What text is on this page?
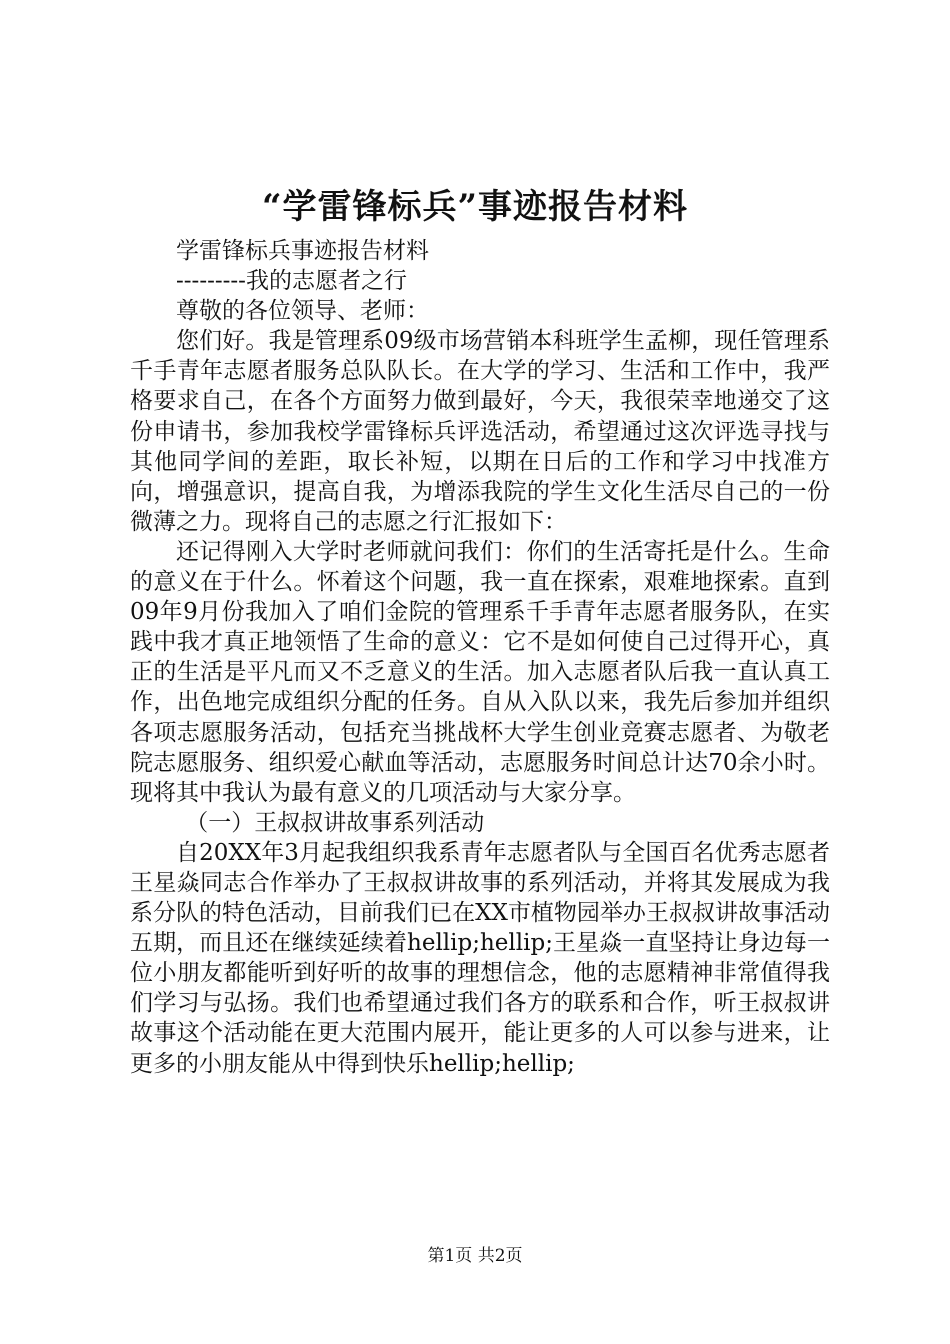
“学雷锋标兵”事迹报告材料

学雷锋标兵事迹报告材料

---------我的志愿者之行

尊敬的各位领导、老师：

您们好。我是管理系09级市场营销本科班学生孟柳，现任管理系千手青年志愿者服务总队队长。在大学的学习、生活和工作中，我严格要求自己，在各个方面努力做到最好，今天，我很荣幸地递交了这份申请书，参加我校学雷锋标兵评选活动，希望通过这次评选寻找与其他同学间的差距，取长补短，以期在日后的工作和学习中找准方向，增强意识，提高自我，为增添我院的学生文化生活尽自己的一份微薄之力。现将自己的志愿之行汇报如下：

还记得刚入大学时老师就问我们：你们的生活寄托是什么。生命的意义在于什么。怀着这个问题，我一直在探索，艰难地探索。直到09年9月份我加入了咱们金院的管理系千手青年志愿者服务队，在实践中我才真正地领悟了生命的意义：它不是如何使自己过得开心，真正的生活是平凡而又不乏意义的生活。加入志愿者队后我一直认真工作，出色地完成组织分配的任务。自从入队以来，我先后参加并组织各项志愿服务活动，包括充当挑战杯大学生创业竞赛志愿者、为敬老院志愿服务、组织爱心献血等活动，志愿服务时间总计达70余小时。现将其中我认为最有意义的几项活动与大家分享。

（一）王叔叔讲故事系列活动

自20XX年3月起我组织我系青年志愿者队与全国百名优秀志愿者王星焱同志合作举办了王叔叔讲故事的系列活动，并将其发展成为我系分队的特色活动，目前我们已在XX市植物园举办王叔叔讲故事活动五期，而且还在继续延续着hellip;hellip;王星焱一直坚持让身边每一位小朋友都能听到好听的故事的理想信念，他的志愿精神非常值得我们学习与弘扬。我们也希望通过我们各方的联系和合作，听王叔叔讲故事这个活动能在更大范围内展开，能让更多的人可以参与进来，让更多的小朋友能从中得到快乐hellip;hellip;

第1页 共2页
